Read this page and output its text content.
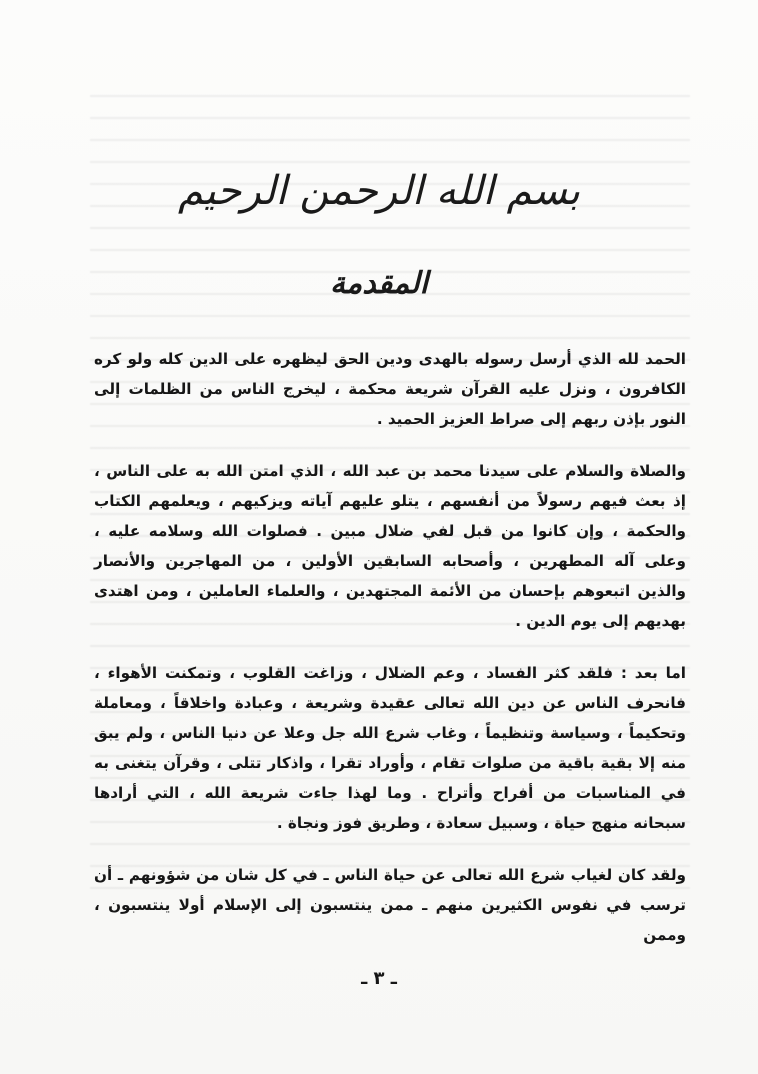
بسم الله الرحمن الرحيم
المقدمة

الحمد لله الذي أرسل رسوله بالهدى ودين الحق ليظهره على الدين كله ولو كره الكافرون ، ونزل عليه القرآن شريعة محكمة ، ليخرج الناس من الظلمات إلى النور بإذن ربهم إلى صراط العزيز الحميد .

والصلاة والسلام على سيدنا محمد بن عبد الله ، الذي امتن الله به على الناس ، إذ بعث فيهم رسولاً من أنفسهم ، يتلو عليهم آياته ويزكيهم ، ويعلمهم الكتاب والحكمة ، وإن كانوا من قبل لفي ضلال مبين . فصلوات الله وسلامه عليه ، وعلى آله المطهرين ، وأصحابه السابقين الأولين ، من المهاجرين والأنصار والذين اتبعوهم بإحسان من الأئمة المجتهدين ، والعلماء العاملين ، ومن اهتدى بهديهم إلى يوم الدين .

اما بعد : فلقد كثر الفساد ، وعم الضلال ، وزاغت القلوب ، وتمكنت الأهواء ، فانحرف الناس عن دين الله تعالى عقيدة وشريعة ، وعبادة واخلاقاً ، ومعاملة وتحكيماً ، وسياسة وتنظيماً ، وغاب شرع الله جل وعلا عن دنيا الناس ، ولم يبق منه إلا بقية باقية من صلوات تقام ، وأوراد تقرا ، واذكار تتلى ، وقرآن يتغنى به في المناسبات من أفراح وأتراح . وما لهذا جاءت شريعة الله ، التي أرادها سبحانه منهج حياة ، وسبيل سعادة ، وطريق فوز ونجاة .

ولقد كان لغياب شرع الله تعالى عن حياة الناس ـ في كل شان من شؤونهم ـ أن ترسب في نفوس الكثيرين منهم ـ ممن ينتسبون إلى الإسلام أولا ينتسبون ، وممن

ـ ٣ ـ
